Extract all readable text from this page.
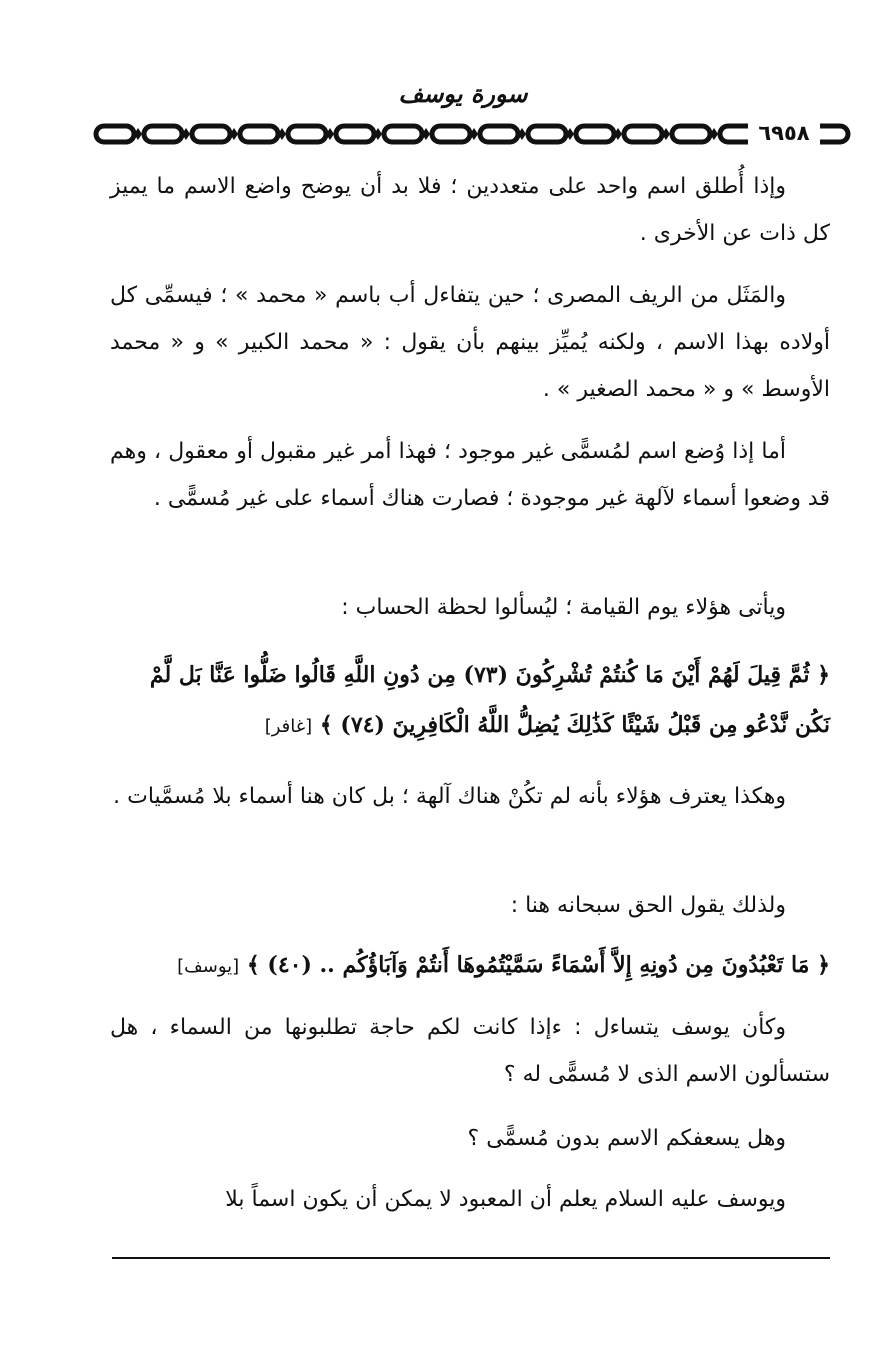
سورة يوسف
٦٩٥٨

وإذا أُطلق اسم واحد على متعددين ؛ فلا بد أن يوضح واضع الاسم ما يميز كل ذات عن الأخرى .

والمَثَل من الريف المصرى ؛ حين يتفاءل أب باسم « محمد » ؛ فيسمِّى كل أولاده بهذا الاسم ، ولكنه يُميِّز بينهم بأن يقول : « محمد الكبير » و « محمد الأوسط » و « محمد الصغير » .

أما إذا وُضع اسم لمُسمًّى غير موجود ؛ فهذا أمر غير مقبول أو معقول ، وهم قد وضعوا أسماء لآلهة غير موجودة ؛ فصارت هناك أسماء على غير مُسمًّى .

ويأتى هؤلاء يوم القيامة ؛ ليُسألوا لحظة الحساب :

﴿ ثُمَّ قِيلَ لَهُمْ أَيْنَ مَا كُنتُمْ تُشْرِكُونَ (٧٣) مِن دُونِ اللَّهِ قَالُوا ضَلُّوا عَنَّا بَل لَّمْ نَكُن نَّدْعُو مِن قَبْلُ شَيْئًا كَذَٰلِكَ يُضِلُّ اللَّهُ الْكَافِرِينَ (٧٤) ﴾ [غافر]

وهكذا يعترف هؤلاء بأنه لم تكُنْ هناك آلهة ؛ بل كان هنا أسماء بلا مُسمَّيات .

ولذلك يقول الحق سبحانه هنا :

﴿ مَا تَعْبُدُونَ مِن دُونِهِ إِلاَّ أَسْمَاءً سَمَّيْتُمُوهَا أَنتُمْ وَآبَاؤُكُم .. (٤٠) ﴾ [يوسف]

وكأن يوسف يتساءل : ءإذا كانت لكم حاجة تطلبونها من السماء ، هل ستسألون الاسم الذى لا مُسمًّى له ؟

وهل يسعفكم الاسم بدون مُسمًّى ؟

ويوسف عليه السلام يعلم أن المعبود لا يمكن أن يكون اسماً بلا
